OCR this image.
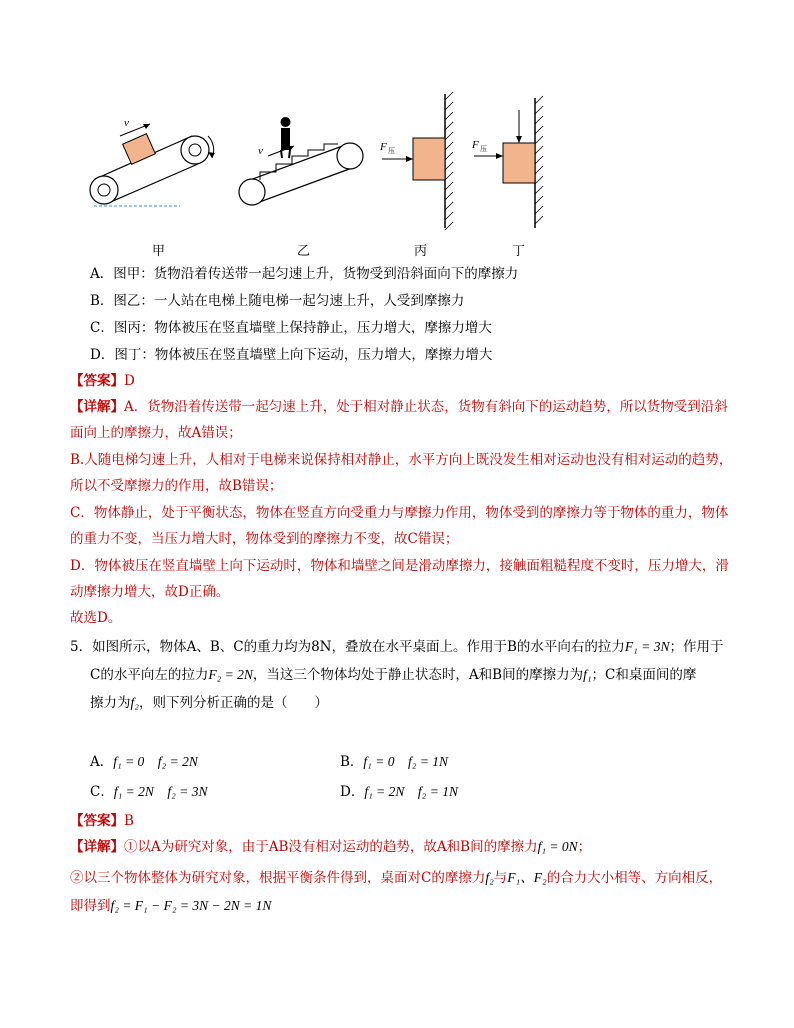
v
v	F 压	F 压
甲	乙	丙	丁
A．图甲：货物沿着传送带一起匀速上升，货物受到沿斜面向下的摩擦力
B．图乙：一人站在电梯上随电梯一起匀速上升，人受到摩擦力
C．图丙：物体被压在竖直墙壁上保持静止，压力增大，摩擦力增大
D．图丁：物体被压在竖直墙壁上向下运动，压力增大，摩擦力增大
【答案】D
【详解】A．货物沿着传送带一起匀速上升，处于相对静止状态，货物有斜向下的运动趋势，所以货物受到沿斜
面向上的摩擦力，故A错误；
B.人随电梯匀速上升，人相对于电梯来说保持相对静止，水平方向上既没发生相对运动也没有相对运动的趋势，
所以不受摩擦力的作用，故B错误；
C．物体静止，处于平衡状态，物体在竖直方向受重力与摩擦力作用，物体受到的摩擦力等于物体的重力，物体
的重力不变，当压力增大时，物体受到的摩擦力不变，故C错误；
D．物体被压在竖直墙壁上向下运动时，物体和墙壁之间是滑动摩擦力，接触面粗糙程度不变时，压力增大，滑
动摩擦力增大，故D正确。
故选D。
5．如图所示，物体A、B、C的重力均为8N，叠放在水平桌面上。作用于B的水平向右的拉力F₁ = 3N；作用于
C的水平向左的拉力F₂ = 2N，当这三个物体均处于静止状态时，A和B间的摩擦力为f₁；C和桌面间的摩
擦力为f₂，则下列分析正确的是（　　）
A．f₁ = 0　f₂ = 2N	B．f₁ = 0　f₂ = 1N
C．f₁ = 2N　f₂ = 3N	D．f₁ = 2N　f₂ = 1N
【答案】B
【详解】①以A为研究对象，由于AB没有相对运动的趋势，故A和B间的摩擦力f₁ = 0N；
②以三个物体整体为研究对象，根据平衡条件得到，桌面对C的摩擦力f₂与F₁、F₂的合力大小相等、方向相反，
即得到f₂ = F₁ − F₂ = 3N − 2N = 1N
